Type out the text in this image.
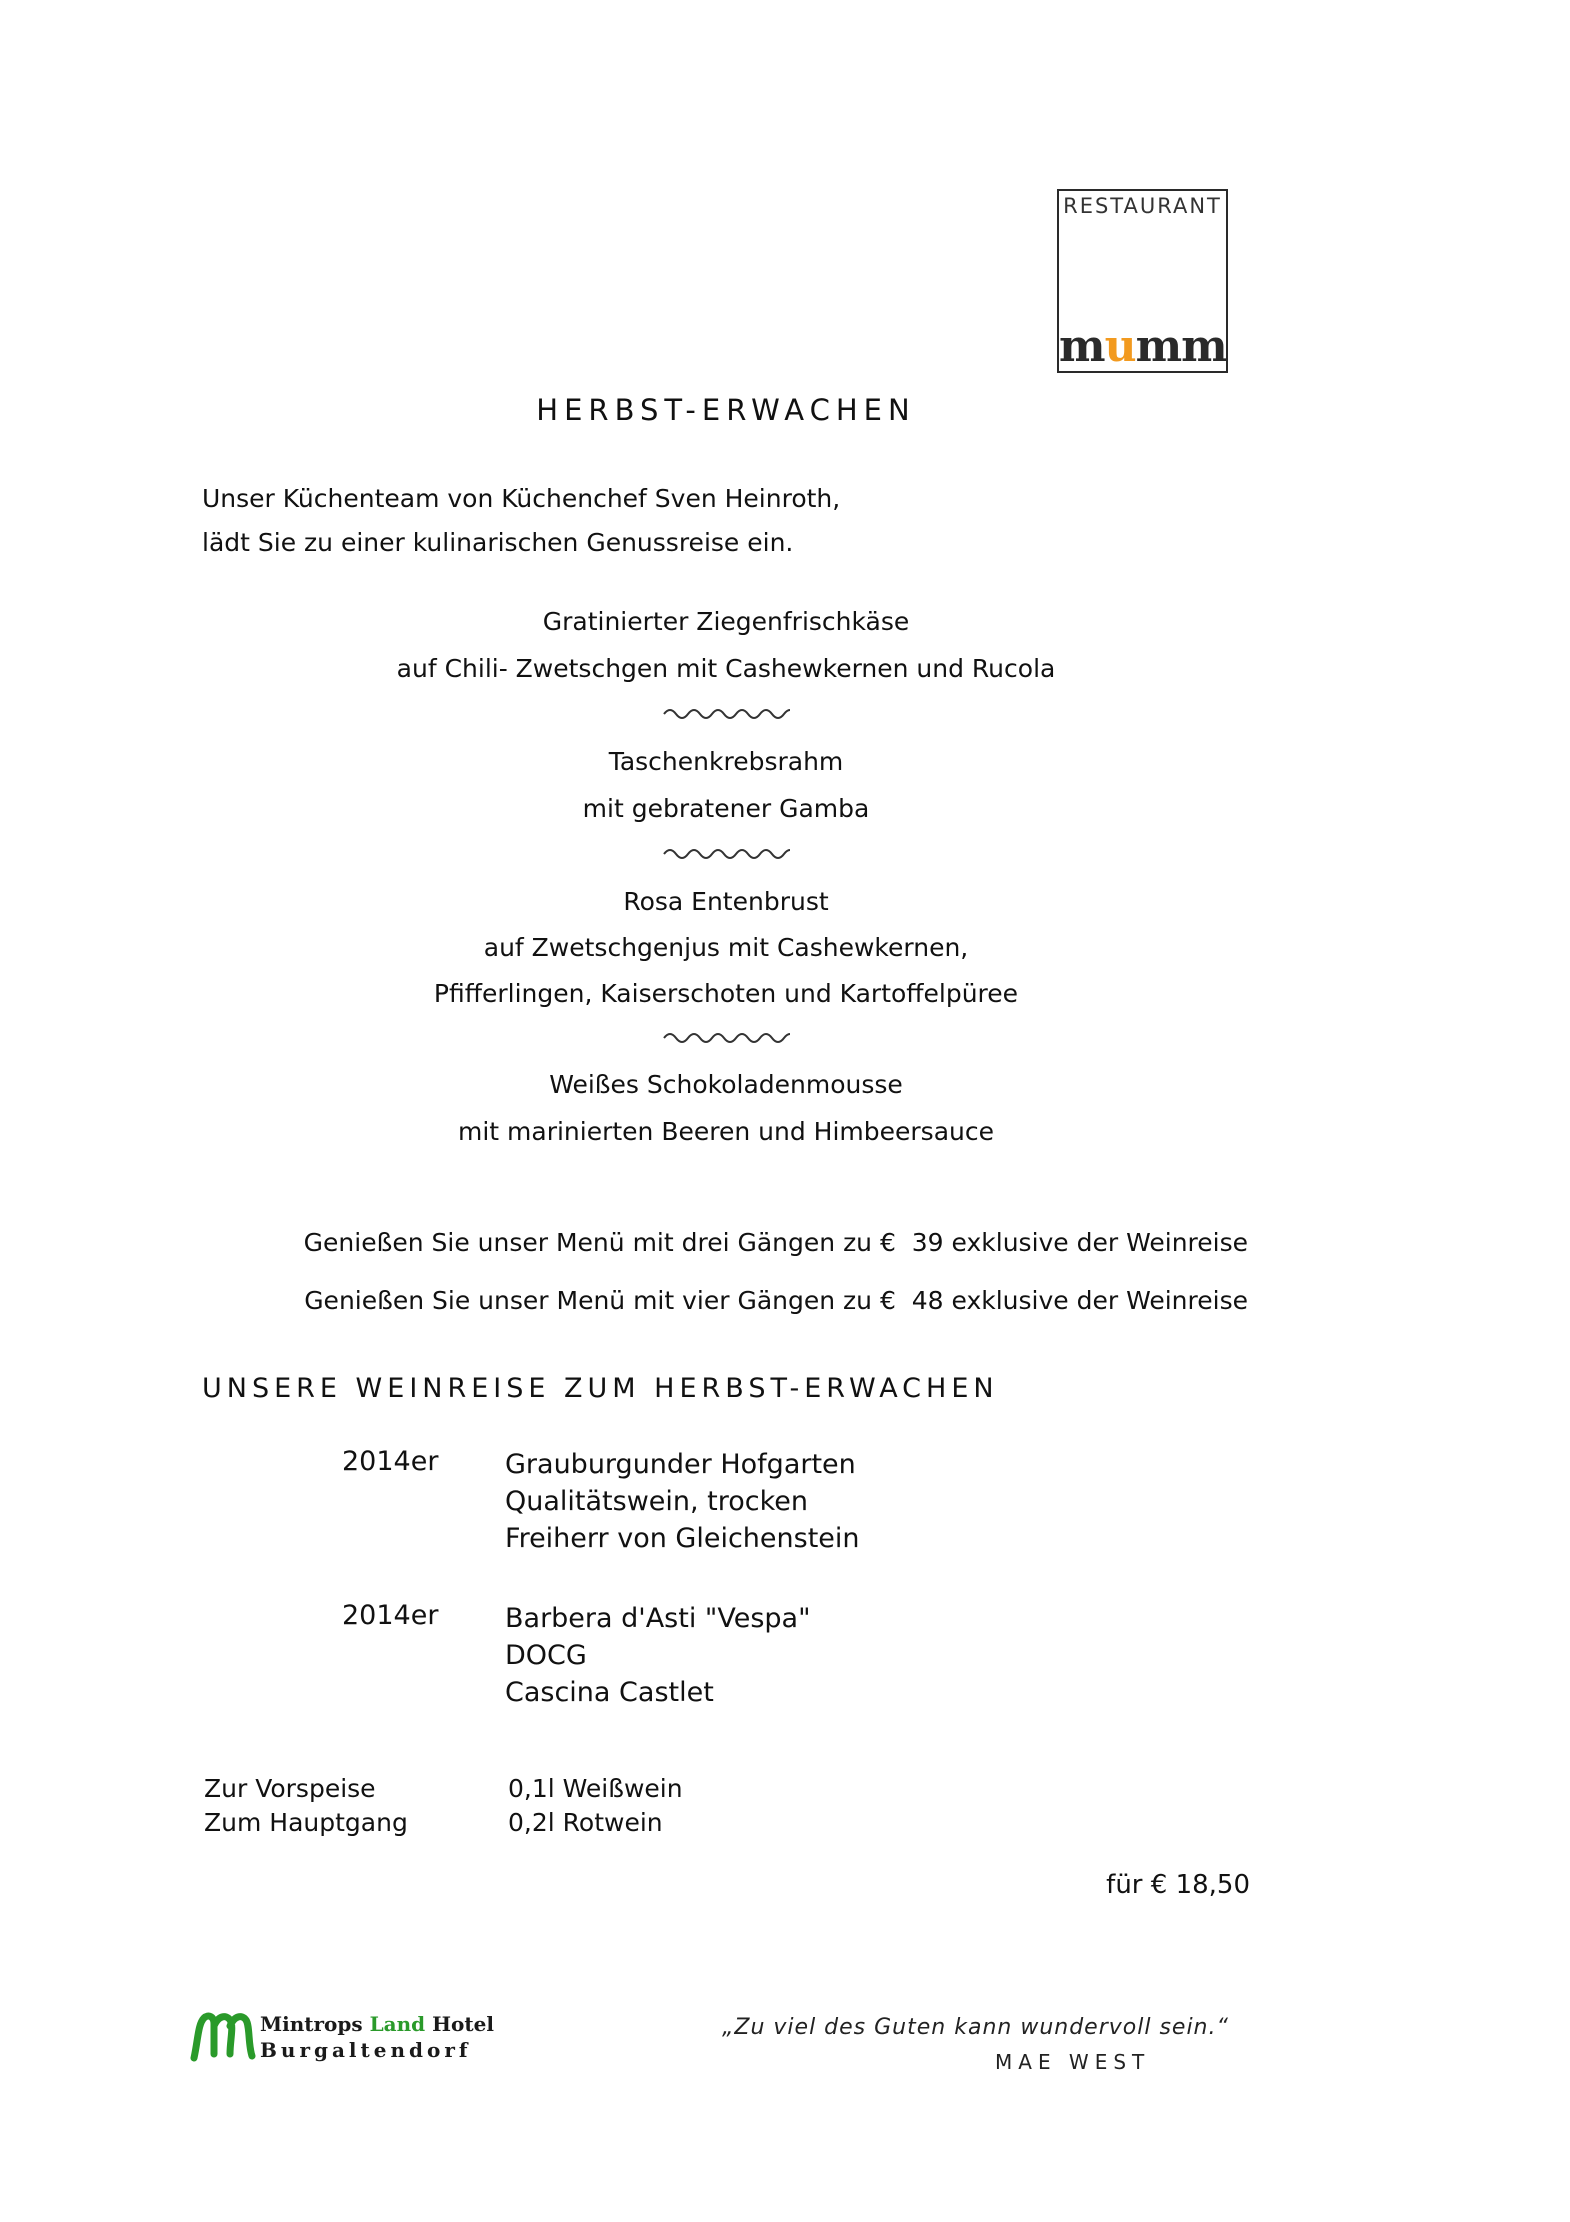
RESTAURANT
mumm
HERBST-ERWACHEN
Unser Küchenteam von Küchenchef Sven Heinroth,
lädt Sie zu einer kulinarischen Genussreise ein.
Gratinierter Ziegenfrischkäse
auf Chili- Zwetschgen mit Cashewkernen und Rucola
Taschenkrebsrahm
mit gebratener Gamba
Rosa Entenbrust
auf Zwetschgenjus mit Cashewkernen,
Pfifferlingen, Kaiserschoten und Kartoffelpüree
Weißes Schokoladenmousse
mit marinierten Beeren und Himbeersauce
Genießen Sie unser Menü mit drei Gängen zu €  39 exklusive der Weinreise
Genießen Sie unser Menü mit vier Gängen zu €  48 exklusive der Weinreise
UNSERE WEINREISE ZUM HERBST-ERWACHEN
2014er Grauburgunder Hofgarten
Qualitätswein, trocken
Freiherr von Gleichenstein
2014er Barbera d'Asti "Vespa"
DOCG
Cascina Castlet
Zur Vorspeise
Zum Hauptgang
0,1l Weißwein
0,2l Rotwein
für € 18,50
Mintrops Land Hotel
Burgaltendorf
„Zu viel des Guten kann wundervoll sein.“
MAE WEST
